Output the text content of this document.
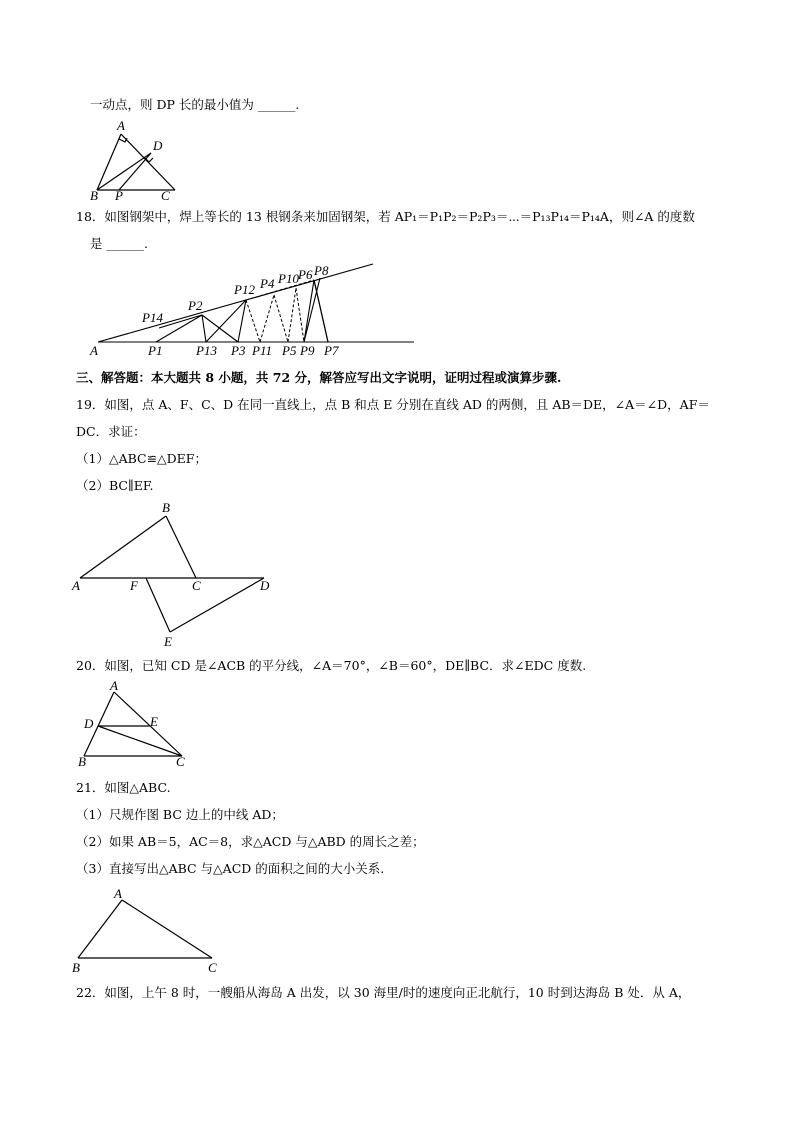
一动点，则 DP 长的最小值为 ______.
A
D
B P	C
18．如图钢架中，焊上等长的 13 根钢条来加固钢架，若 AP₁＝P₁P₂＝P₂P₃＝⋯＝P₁₃P₁₄＝P₁₄A，则∠A 的度数
是 ______.
A	P1	P13 P3 P11 P5 P9 P7
P14
P2
P12 P4 P10 P6 P8
三、解答题：本大题共 8 小题，共 72 分，解答应写出文字说明，证明过程或演算步骤.
19．如图，点 A、F、C、D 在同一直线上，点 B 和点 E 分别在直线 AD 的两侧，且 AB＝DE，∠A＝∠D，AF＝
DC．求证：
（1）△ABC≌△DEF；
（2）BC∥EF.
B
A	F	C	D
E
20．如图，已知 CD 是∠ACB 的平分线，∠A＝70°，∠B＝60°，DE∥BC．求∠EDC 度数.
A
D	E
B	C
21．如图△ABC.
（1）尺规作图 BC 边上的中线 AD；
（2）如果 AB＝5，AC＝8，求△ACD 与△ABD 的周长之差；
（3）直接写出△ABC 与△ACD 的面积之间的大小关系.
A
B	C
22．如图，上午 8 时，一艘船从海岛 A 出发，以 30 海里/时的速度向正北航行，10 时到达海岛 B 处．从 A，
